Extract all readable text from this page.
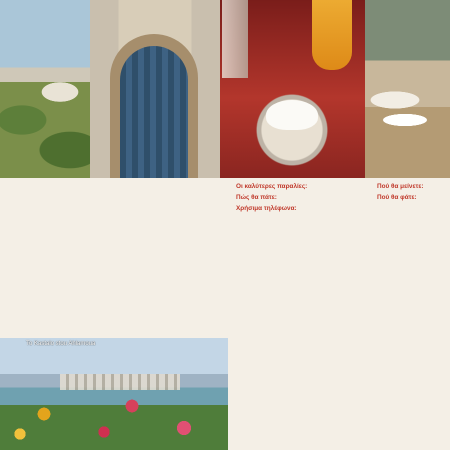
Οι καλύτερες παραλίες:
Πώς θα πάτε:
Χρήσιμα τηλέφωνα:
Πού θα μείνετε:
Πού θα φάτε:
To Kastalo stou Ahlamoua
